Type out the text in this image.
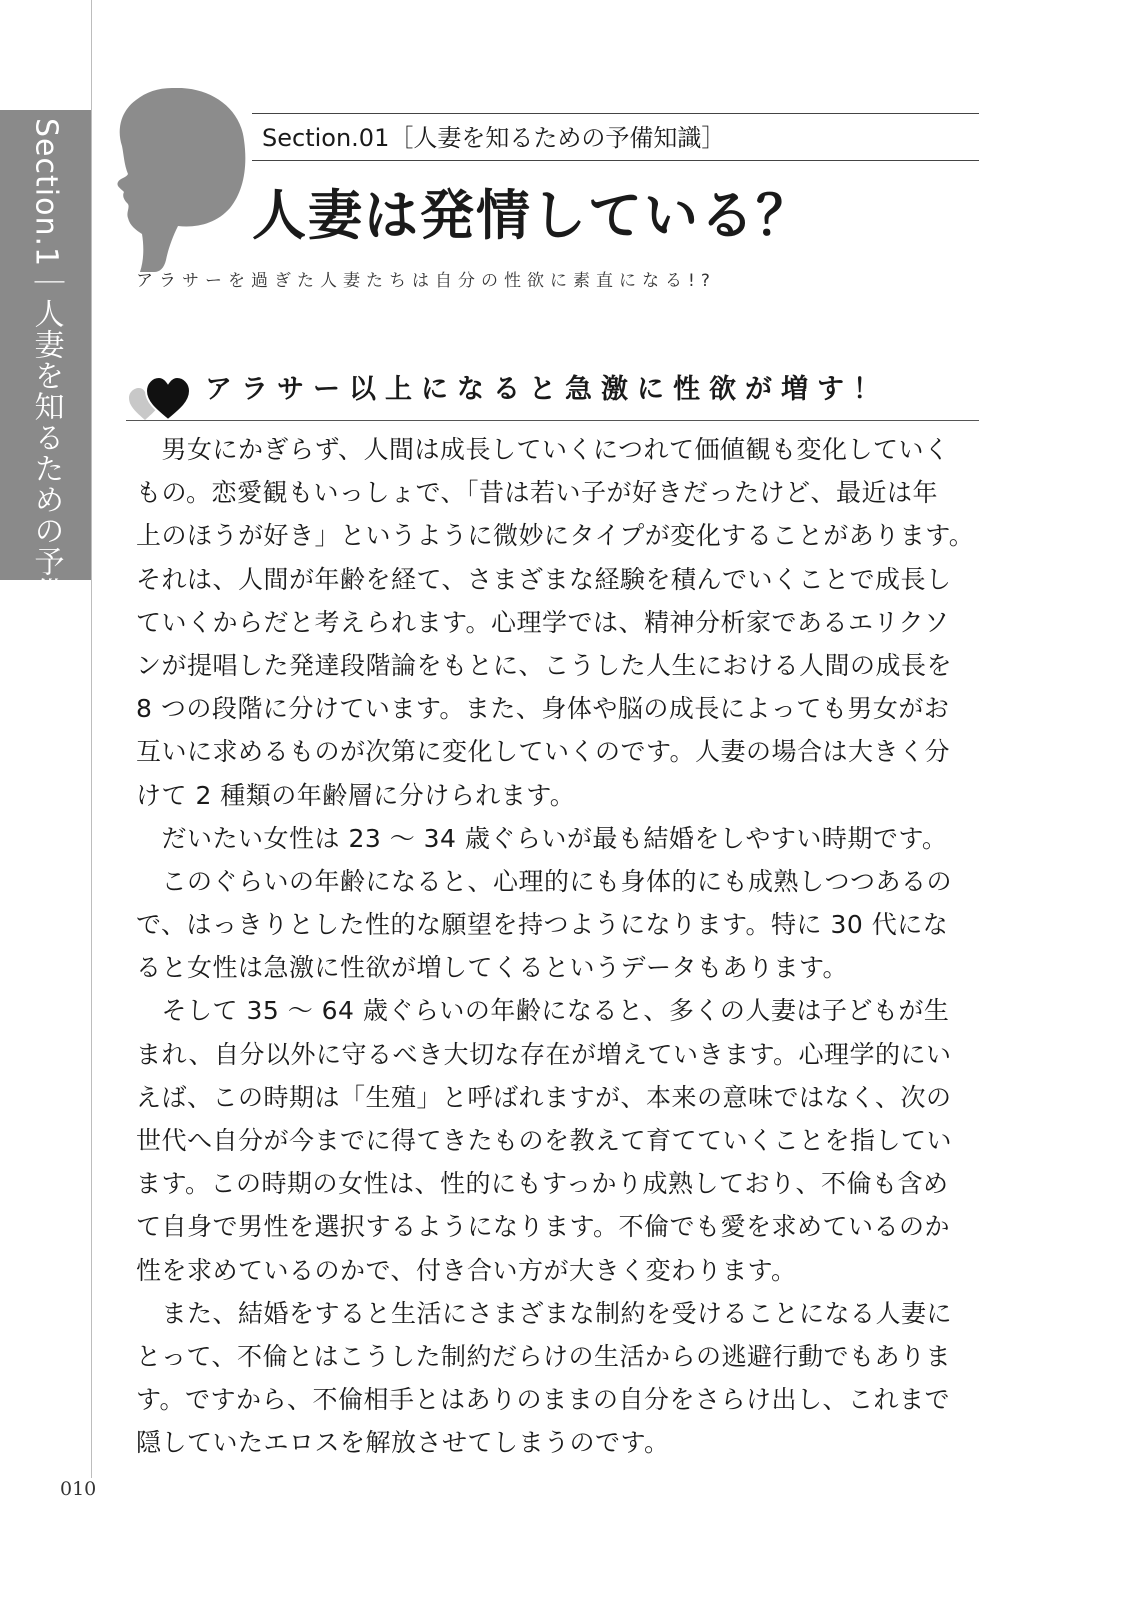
Section.1｜人妻を知るための予備知識
Section.01［人妻を知るための予備知識］
人妻は発情している？
アラサーを過ぎた人妻たちは自分の性欲に素直になる!?
アラサー以上になると急激に性欲が増す！
　男女にかぎらず、人間は成長していくにつれて価値観も変化していく
もの。恋愛観もいっしょで、「昔は若い子が好きだったけど、最近は年
上のほうが好き」というように微妙にタイプが変化することがあります。
それは、人間が年齢を経て、さまざまな経験を積んでいくことで成長し
ていくからだと考えられます。心理学では、精神分析家であるエリクソ
ンが提唱した発達段階論をもとに、こうした人生における人間の成長を
8 つの段階に分けています。また、身体や脳の成長によっても男女がお
互いに求めるものが次第に変化していくのです。人妻の場合は大きく分
けて 2 種類の年齢層に分けられます。
　だいたい女性は 23 ～ 34 歳ぐらいが最も結婚をしやすい時期です。
　このぐらいの年齢になると、心理的にも身体的にも成熟しつつあるの
で、はっきりとした性的な願望を持つようになります。特に 30 代にな
ると女性は急激に性欲が増してくるというデータもあります。
　そして 35 ～ 64 歳ぐらいの年齢になると、多くの人妻は子どもが生
まれ、自分以外に守るべき大切な存在が増えていきます。心理学的にい
えば、この時期は「生殖」と呼ばれますが、本来の意味ではなく、次の
世代へ自分が今までに得てきたものを教えて育てていくことを指してい
ます。この時期の女性は、性的にもすっかり成熟しており、不倫も含め
て自身で男性を選択するようになります。不倫でも愛を求めているのか
性を求めているのかで、付き合い方が大きく変わります。
　また、結婚をすると生活にさまざまな制約を受けることになる人妻に
とって、不倫とはこうした制約だらけの生活からの逃避行動でもありま
す。ですから、不倫相手とはありのままの自分をさらけ出し、これまで
隠していたエロスを解放させてしまうのです。
010
